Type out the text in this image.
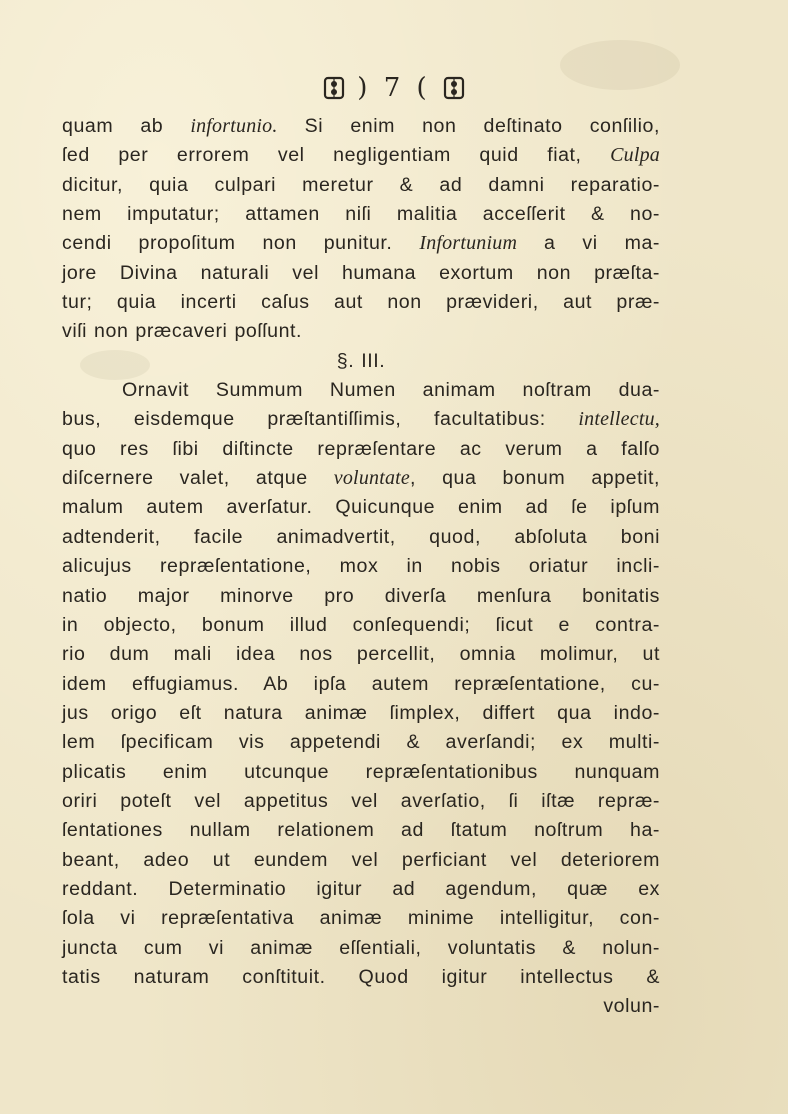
) 7 (
quam ab infortunio. Si enim non deſtinato conſilio,
ſed per errorem vel negligentiam quid fiat, Culpa
dicitur, quia culpari meretur & ad damni reparatio-
nem imputatur; attamen niſi malitia acceſſerit & no-
cendi propoſitum non punitur. Infortunium a vi ma-
jore Divina naturali vel humana exortum non præſta-
tur; quia incerti caſus aut non prævideri, aut præ-
viſi non præcaveri poſſunt.
§. III.
Ornavit Summum Numen animam noſtram dua-
bus, eisdemque præſtantiſſimis, facultatibus: intellectu,
quo res ſibi diſtincte repræſentare ac verum a falſo
diſcernere valet, atque voluntate, qua bonum appetit,
malum autem averſatur. Quicunque enim ad ſe ipſum
adtenderit, facile animadvertit, quod, abſoluta boni
alicujus repræſentatione, mox in nobis oriatur incli-
natio major minorve pro diverſa menſura bonitatis
in objecto, bonum illud conſequendi; ſicut e contra-
rio dum mali idea nos percellit, omnia molimur, ut
idem effugiamus. Ab ipſa autem repræſentatione, cu-
jus origo eſt natura animæ ſimplex, differt qua indo-
lem ſpecificam vis appetendi & averſandi; ex multi-
plicatis enim utcunque repræſentationibus nunquam
oriri poteſt vel appetitus vel averſatio, ſi iſtæ repræ-
ſentationes nullam relationem ad ſtatum noſtrum ha-
beant, adeo ut eundem vel perficiant vel deteriorem
reddant. Determinatio igitur ad agendum, quæ ex
ſola vi repræſentativa animæ minime intelligitur, con-
juncta cum vi animæ eſſentiali, voluntatis & nolun-
tatis naturam conſtituit. Quod igitur intellectus &
volun-
